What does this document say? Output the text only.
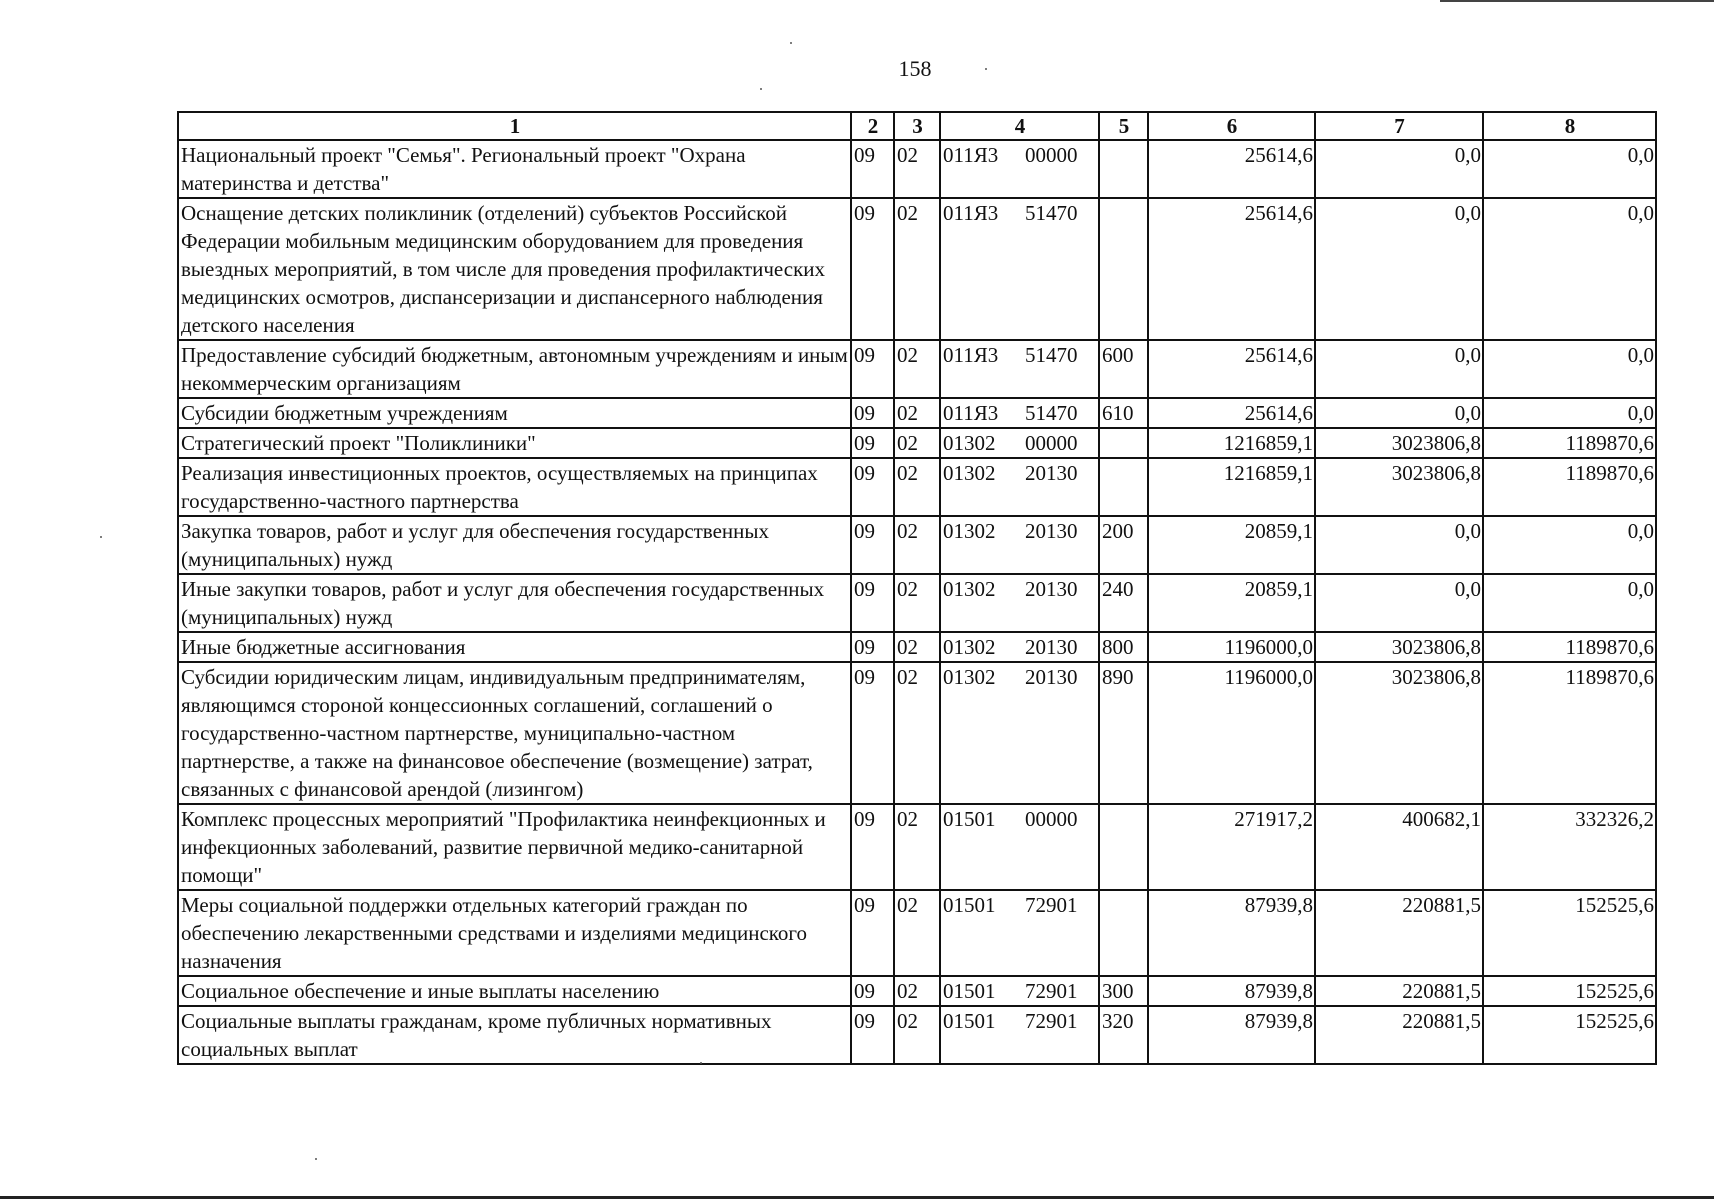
158
1	2	3	4	5	6	7	8
Национальный проект "Семья". Региональный проект "Охрана материнства и детства"	09	02	011Я3 00000		25614,6	0,0	0,0
Оснащение детских поликлиник (отделений) субъектов Российской Федерации мобильным медицинским оборудованием для проведения выездных мероприятий, в том числе для проведения профилактических медицинских осмотров, диспансеризации и диспансерного наблюдения детского населения	09	02	011Я3 51470		25614,6	0,0	0,0
Предоставление субсидий бюджетным, автономным учреждениям и иным некоммерческим организациям	09	02	011Я3 51470	600	25614,6	0,0	0,0
Субсидии бюджетным учреждениям	09	02	011Я3 51470	610	25614,6	0,0	0,0
Стратегический проект "Поликлиники"	09	02	01302 00000		1216859,1	3023806,8	1189870,6
Реализация инвестиционных проектов, осуществляемых на принципах государственно-частного партнерства	09	02	01302 20130		1216859,1	3023806,8	1189870,6
Закупка товаров, работ и услуг для обеспечения государственных (муниципальных) нужд	09	02	01302 20130	200	20859,1	0,0	0,0
Иные закупки товаров, работ и услуг для обеспечения государственных (муниципальных) нужд	09	02	01302 20130	240	20859,1	0,0	0,0
Иные бюджетные ассигнования	09	02	01302 20130	800	1196000,0	3023806,8	1189870,6
Субсидии юридическим лицам, индивидуальным предпринимателям, являющимся стороной концессионных соглашений, соглашений о государственно-частном партнерстве, муниципально-частном партнерстве, а также на финансовое обеспечение (возмещение) затрат, связанных с финансовой арендой (лизингом)	09	02	01302 20130	890	1196000,0	3023806,8	1189870,6
Комплекс процессных мероприятий "Профилактика неинфекционных и инфекционных заболеваний, развитие первичной медико-санитарной помощи"	09	02	01501 00000		271917,2	400682,1	332326,2
Меры социальной поддержки отдельных категорий граждан по обеспечению лекарственными средствами и изделиями медицинского назначения	09	02	01501 72901		87939,8	220881,5	152525,6
Социальное обеспечение и иные выплаты населению	09	02	01501 72901	300	87939,8	220881,5	152525,6
Социальные выплаты гражданам, кроме публичных нормативных социальных выплат	09	02	01501 72901	320	87939,8	220881,5	152525,6
